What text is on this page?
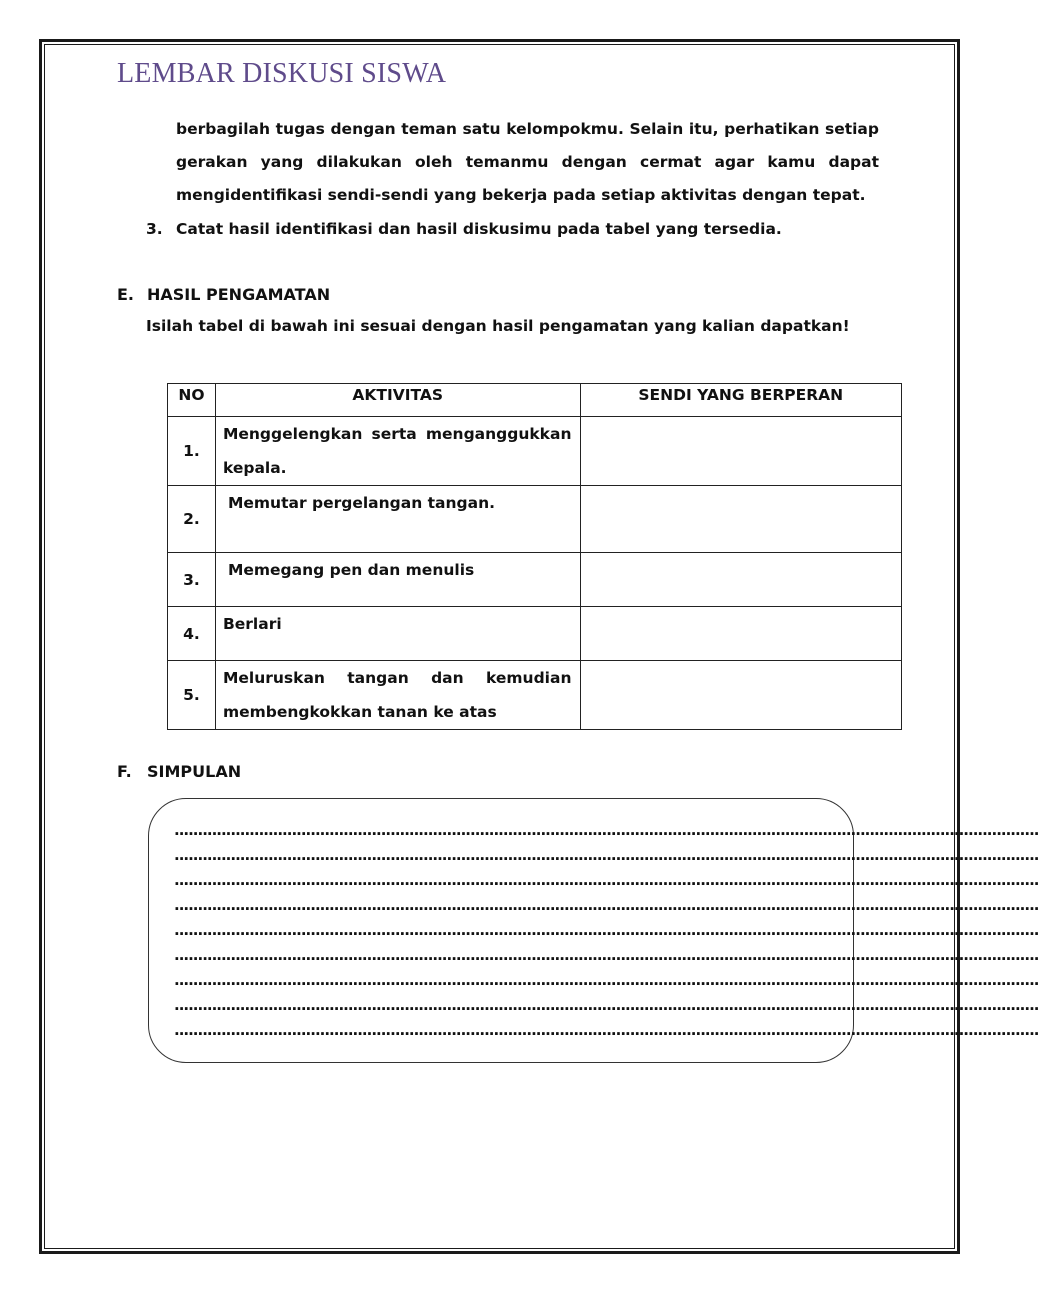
LEMBAR DISKUSI SISWA
berbagilah tugas dengan teman satu kelompokmu. Selain itu, perhatikan setiap
gerakan yang dilakukan oleh temanmu dengan cermat agar kamu dapat
mengidentifikasi sendi-sendi yang bekerja pada setiap aktivitas dengan tepat.
3. Catat hasil identifikasi dan hasil diskusimu pada tabel yang tersedia.
E. HASIL PENGAMATAN
Isilah tabel di bawah ini sesuai dengan hasil pengamatan yang kalian dapatkan!
NO	AKTIVITAS	SENDI YANG BERPERAN
1.	Menggelengkan serta menganggukkan
kepala.	
2.	Memutar pergelangan tangan.	
3.	Memegang pen dan menulis	
4.	Berlari	
5.	Meluruskan tangan dan kemudian
membengkokkan tanan ke atas	
F. SIMPULAN
........................................................................................................................................................................................
........................................................................................................................................................................................
........................................................................................................................................................................................
........................................................................................................................................................................................
........................................................................................................................................................................................
........................................................................................................................................................................................
........................................................................................................................................................................................
........................................................................................................................................................................................
........................................................................................................................................................................................
